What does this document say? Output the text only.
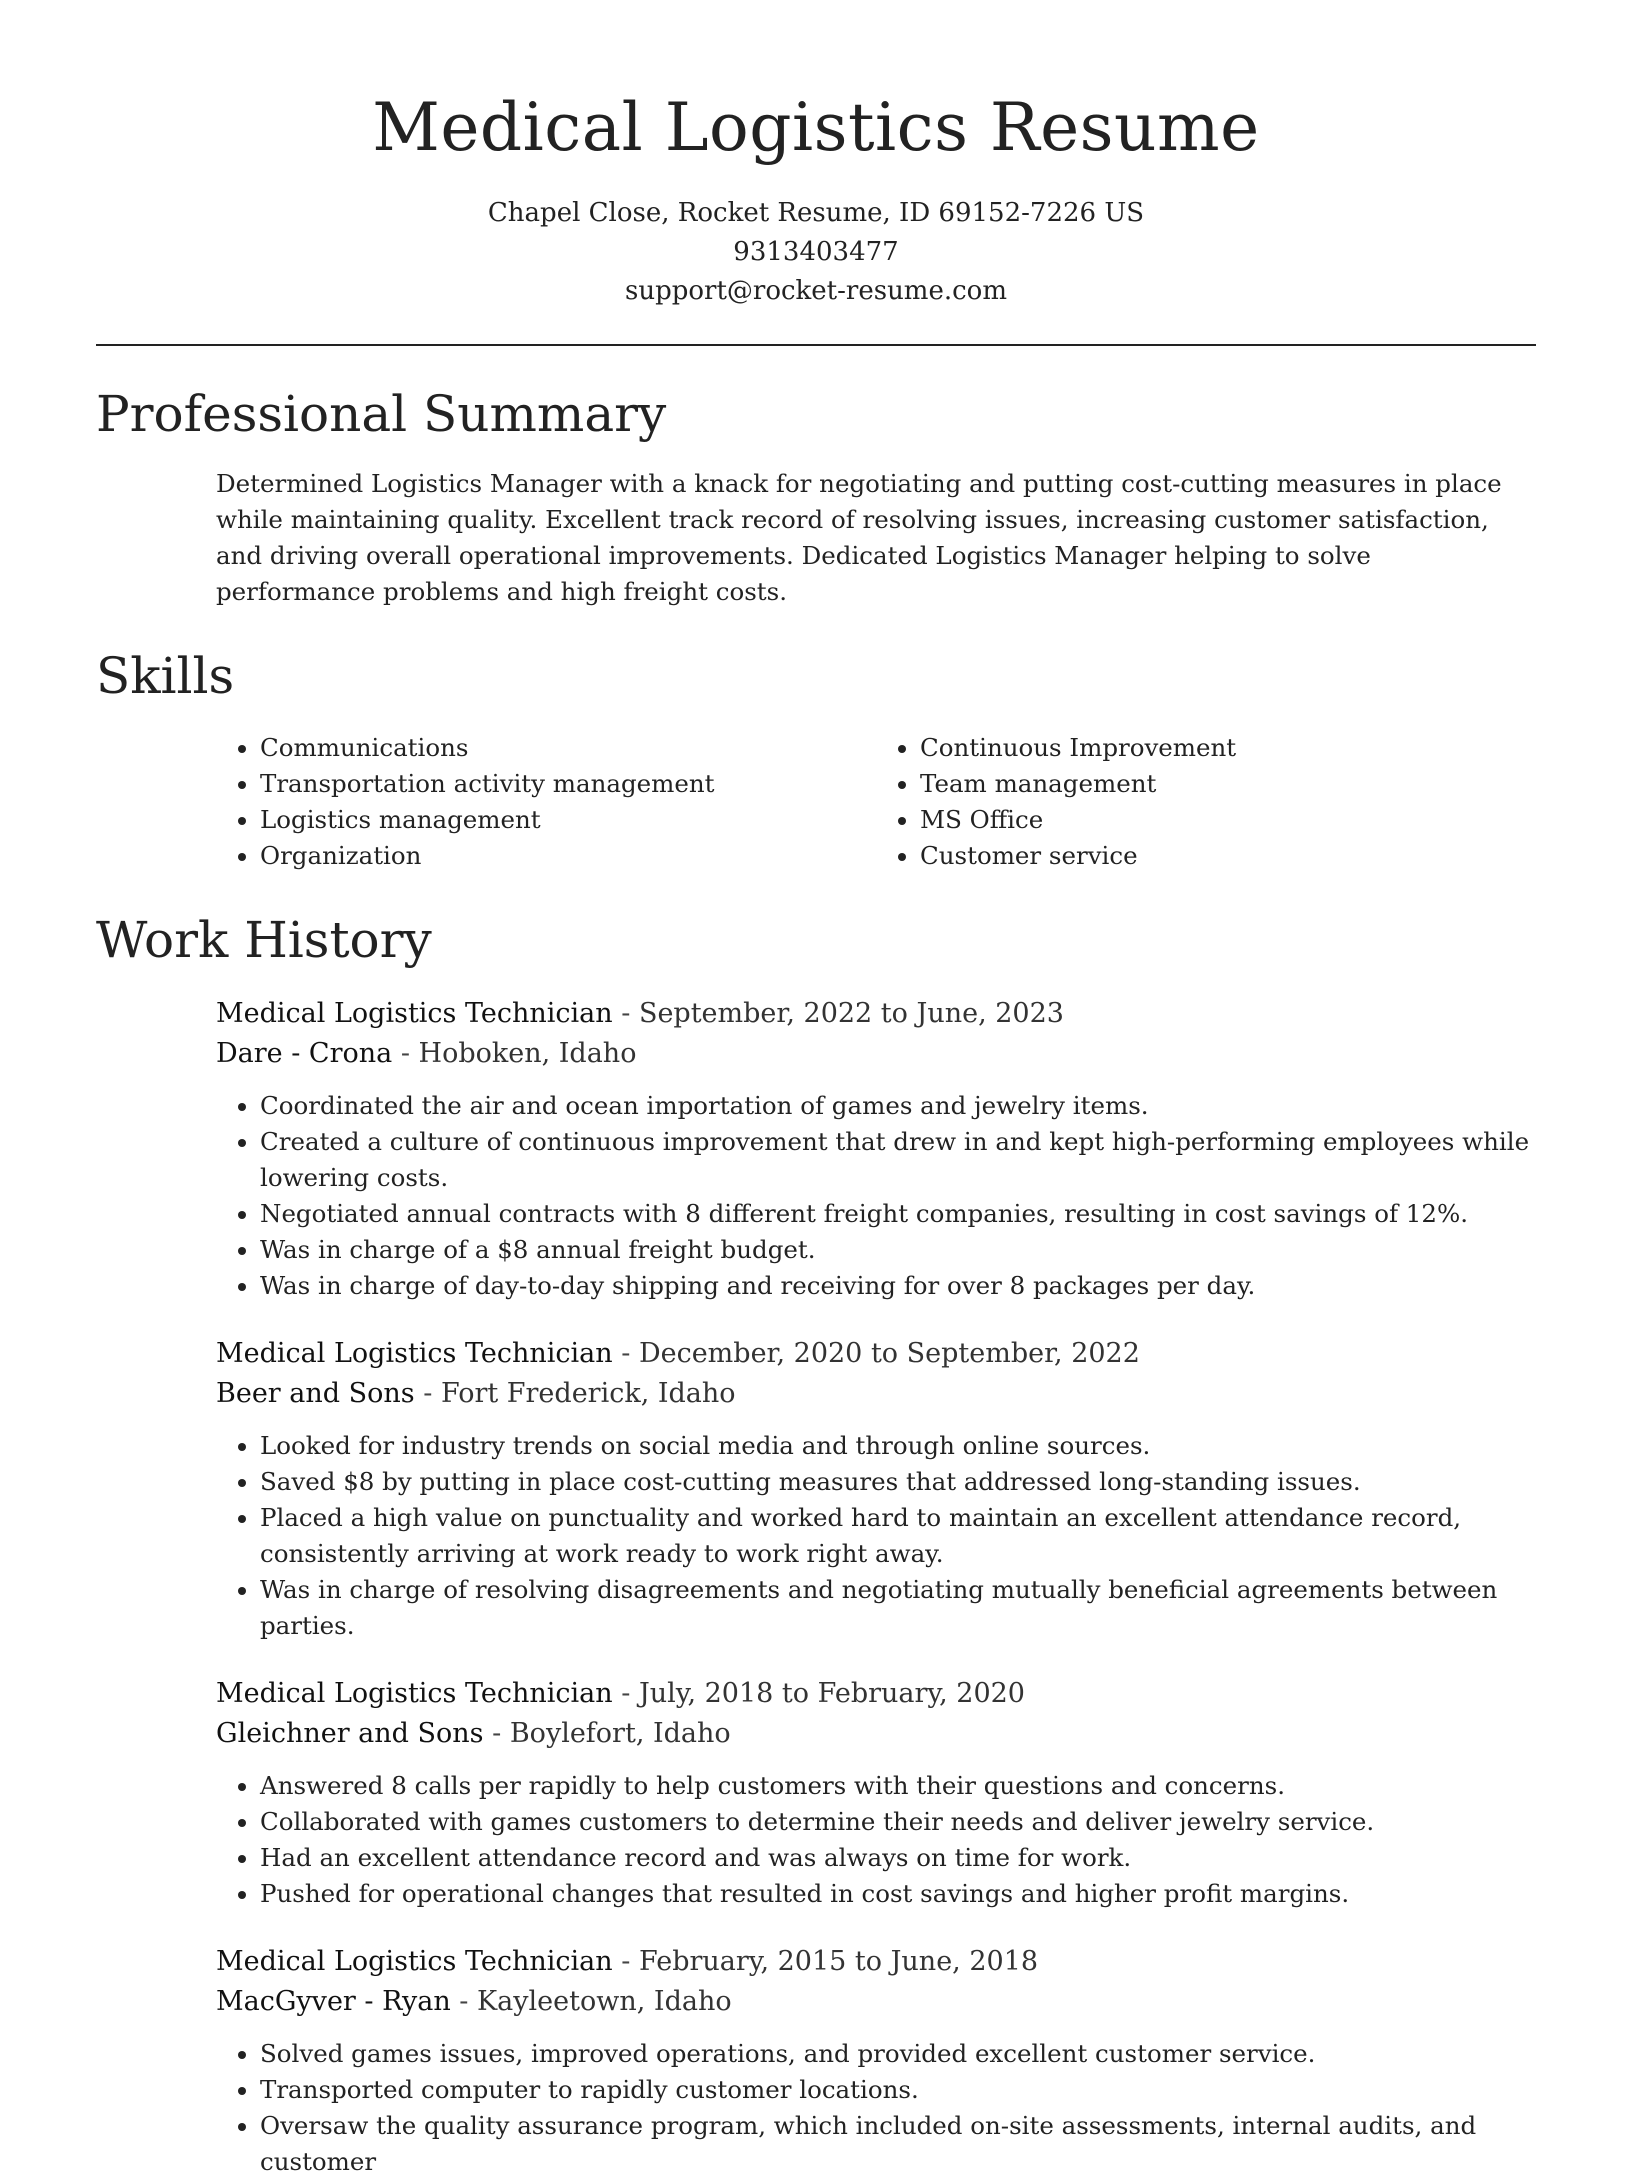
Medical Logistics Resume
Chapel Close, Rocket Resume, ID 69152-7226 US
9313403477
support@rocket-resume.com
Professional Summary

Determined Logistics Manager with a knack for negotiating and putting cost-cutting measures in place while maintaining quality. Excellent track record of resolving issues, increasing customer satisfaction, and driving overall operational improvements. Dedicated Logistics Manager helping to solve performance problems and high freight costs.

Skills
• Communications
• Transportation activity management
• Logistics management
• Organization
• Continuous Improvement
• Team management
• MS Office
• Customer service
Work History
Medical Logistics Technician - September, 2022 to June, 2023
Dare - Crona - Hoboken, Idaho
• Coordinated the air and ocean importation of games and jewelry items.
• Created a culture of continuous improvement that drew in and kept high-performing employees while lowering costs.
• Negotiated annual contracts with 8 different freight companies, resulting in cost savings of 12%.
• Was in charge of a $8 annual freight budget.
• Was in charge of day-to-day shipping and receiving for over 8 packages per day.
Medical Logistics Technician - December, 2020 to September, 2022
Beer and Sons - Fort Frederick, Idaho
• Looked for industry trends on social media and through online sources.
• Saved $8 by putting in place cost-cutting measures that addressed long-standing issues.
• Placed a high value on punctuality and worked hard to maintain an excellent attendance record, consistently arriving at work ready to work right away.
• Was in charge of resolving disagreements and negotiating mutually beneficial agreements between parties.
Medical Logistics Technician - July, 2018 to February, 2020
Gleichner and Sons - Boylefort, Idaho
• Answered 8 calls per rapidly to help customers with their questions and concerns.
• Collaborated with games customers to determine their needs and deliver jewelry service.
• Had an excellent attendance record and was always on time for work.
• Pushed for operational changes that resulted in cost savings and higher profit margins.
Medical Logistics Technician - February, 2015 to June, 2018
MacGyver - Ryan - Kayleetown, Idaho
• Solved games issues, improved operations, and provided excellent customer service.
• Transported computer to rapidly customer locations.
• Oversaw the quality assurance program, which included on-site assessments, internal audits, and customer
